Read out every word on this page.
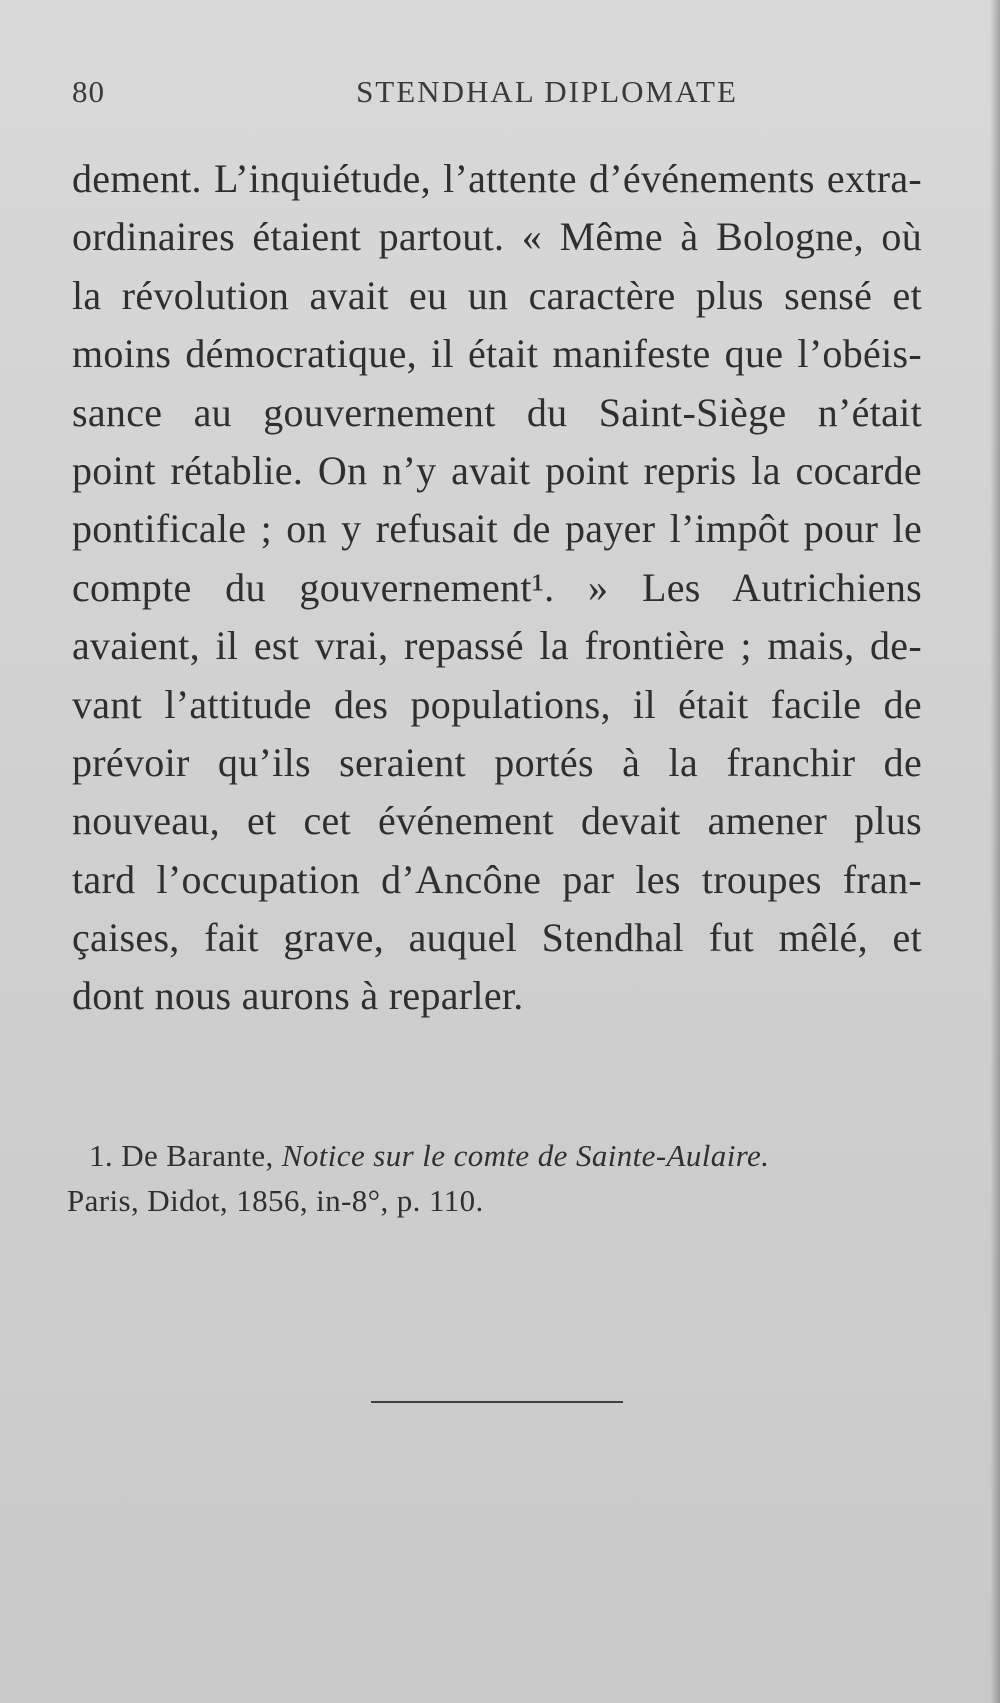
80	STENDHAL DIPLOMATE
dement. L’inquiétude, l’attente d’événements extra-
ordinaires étaient partout. « Même à Bologne, où
la révolution avait eu un caractère plus sensé et
moins démocratique, il était manifeste que l’obéis-
sance au gouvernement du Saint-Siège n’était
point rétablie. On n’y avait point repris la cocarde
pontificale ; on y refusait de payer l’impôt pour le
compte du gouvernement¹. » Les Autrichiens
avaient, il est vrai, repassé la frontière ; mais, de-
vant l’attitude des populations, il était facile de
prévoir qu’ils seraient portés à la franchir de
nouveau, et cet événement devait amener plus
tard l’occupation d’Ancône par les troupes fran-
çaises, fait grave, auquel Stendhal fut mêlé, et
dont nous aurons à reparler.
1. De Barante, Notice sur le comte de Sainte-Aulaire.
Paris, Didot, 1856, in-8°, p. 110.
